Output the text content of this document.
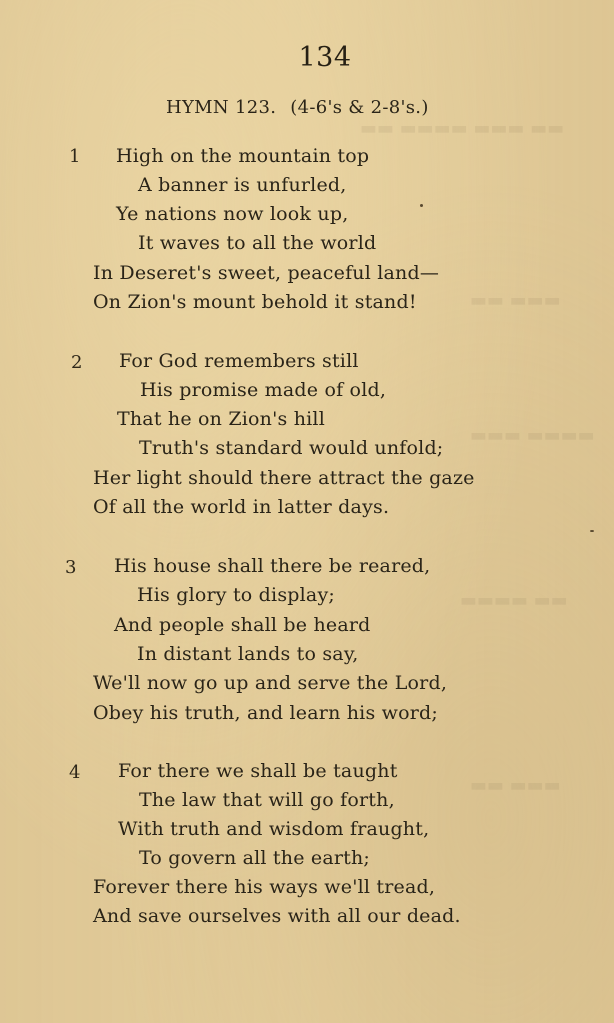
▬▬ ▬▬▬ ▬▬▬▬ ▬▬
▬▬▬ ▬▬
▬▬▬▬ ▬▬▬
▬▬ ▬▬▬▬
▬▬▬ ▬▬
134
HYMN 123. (4-6's & 2-8's.)
1 High on the mountain top
A banner is unfurled,
Ye nations now look up,
It waves to all the world
In Deseret's sweet, peaceful land—
On Zion's mount behold it stand!
2 For God remembers still
His promise made of old,
That he on Zion's hill
Truth's standard would unfold;
Her light should there attract the gaze
Of all the world in latter days.
3 His house shall there be reared,
His glory to display;
And people shall be heard
In distant lands to say,
We'll now go up and serve the Lord,
Obey his truth, and learn his word;
4 For there we shall be taught
The law that will go forth,
With truth and wisdom fraught,
To govern all the earth;
Forever there his ways we'll tread,
And save ourselves with all our dead.
